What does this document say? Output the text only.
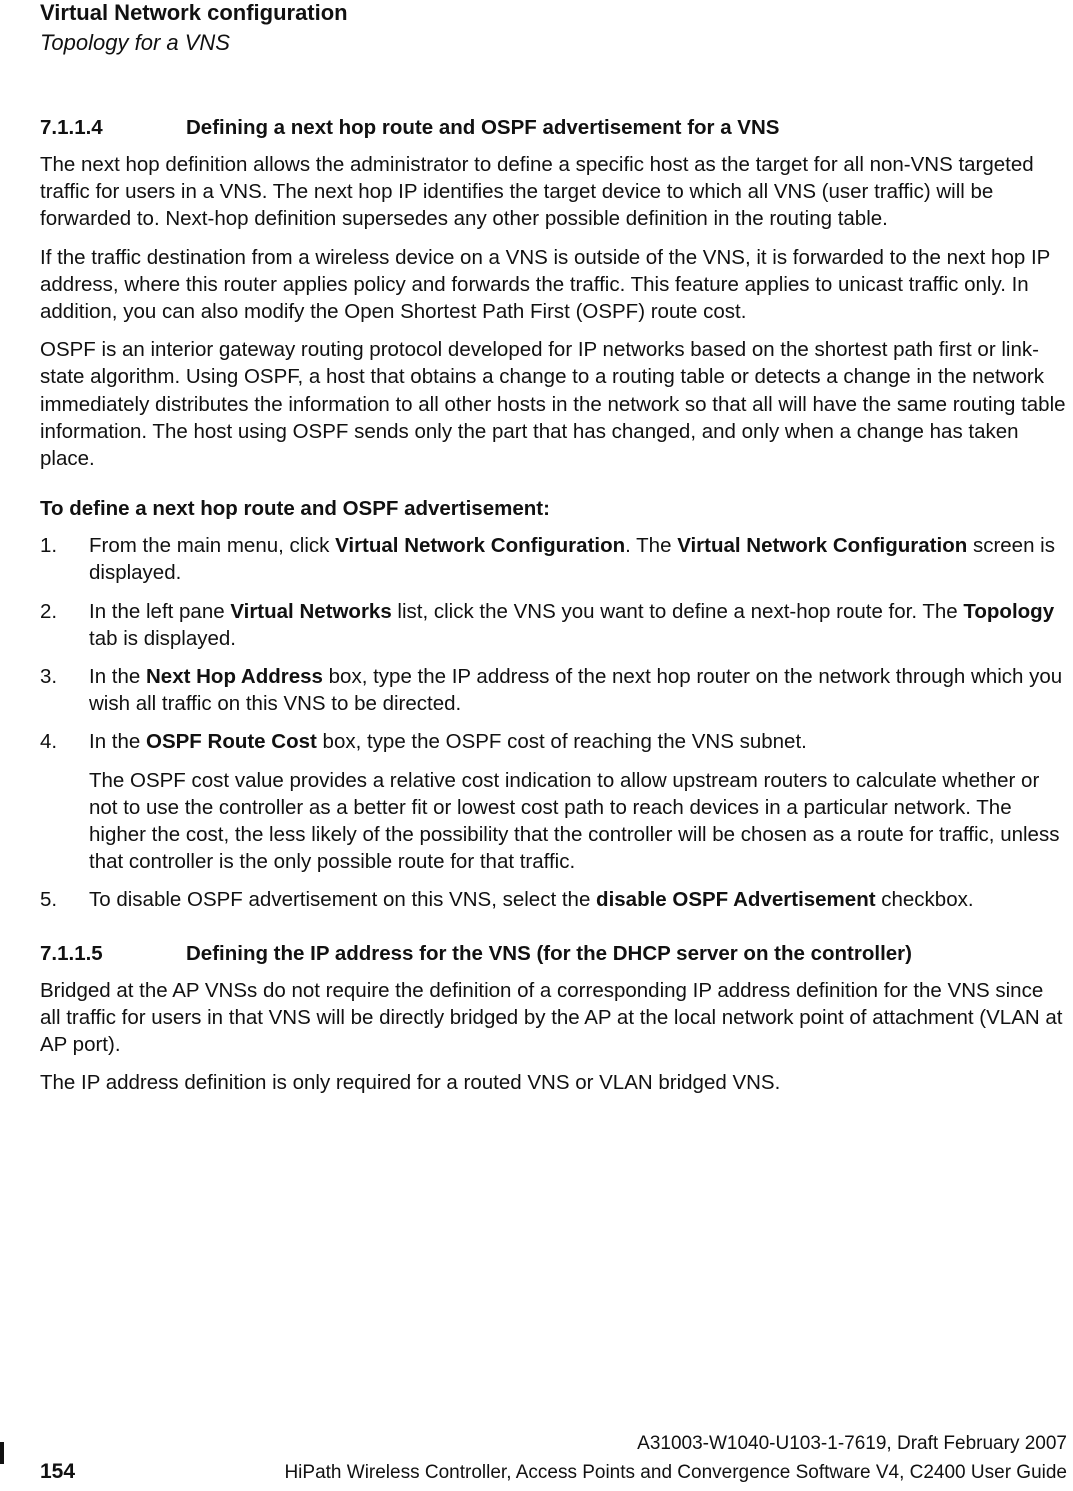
Virtual Network configuration
Topology for a VNS
7.1.1.4	Defining a next hop route and OSPF advertisement for a VNS

The next hop definition allows the administrator to define a specific host as the target for all non-VNS targeted traffic for users in a VNS. The next hop IP identifies the target device to which all VNS (user traffic) will be forwarded to. Next-hop definition supersedes any other possible definition in the routing table.

If the traffic destination from a wireless device on a VNS is outside of the VNS, it is forwarded to the next hop IP address, where this router applies policy and forwards the traffic. This feature applies to unicast traffic only. In addition, you can also modify the Open Shortest Path First (OSPF) route cost.

OSPF is an interior gateway routing protocol developed for IP networks based on the shortest path first or link-state algorithm. Using OSPF, a host that obtains a change to a routing table or detects a change in the network immediately distributes the information to all other hosts in the network so that all will have the same routing table information. The host using OSPF sends only the part that has changed, and only when a change has taken place.

To define a next hop route and OSPF advertisement:
1.	From the main menu, click Virtual Network Configuration. The Virtual Network Configuration screen is displayed.
2.	In the left pane Virtual Networks list, click the VNS you want to define a next-hop route for. The Topology tab is displayed.
3.	In the Next Hop Address box, type the IP address of the next hop router on the network through which you wish all traffic on this VNS to be directed.
4.	In the OSPF Route Cost box, type the OSPF cost of reaching the VNS subnet.

The OSPF cost value provides a relative cost indication to allow upstream routers to calculate whether or not to use the controller as a better fit or lowest cost path to reach devices in a particular network. The higher the cost, the less likely of the possibility that the controller will be chosen as a route for traffic, unless that controller is the only possible route for that traffic.

5.	To disable OSPF advertisement on this VNS, select the disable OSPF Advertisement checkbox.
7.1.1.5	Defining the IP address for the VNS (for the DHCP server on the controller)

Bridged at the AP VNSs do not require the definition of a corresponding IP address definition for the VNS since all traffic for users in that VNS will be directly bridged by the AP at the local network point of attachment (VLAN at AP port).

The IP address definition is only required for a routed VNS or VLAN bridged VNS.

154
A31003-W1040-U103-1-7619, Draft February 2007
HiPath Wireless Controller, Access Points and Convergence Software V4, C2400 User Guide
